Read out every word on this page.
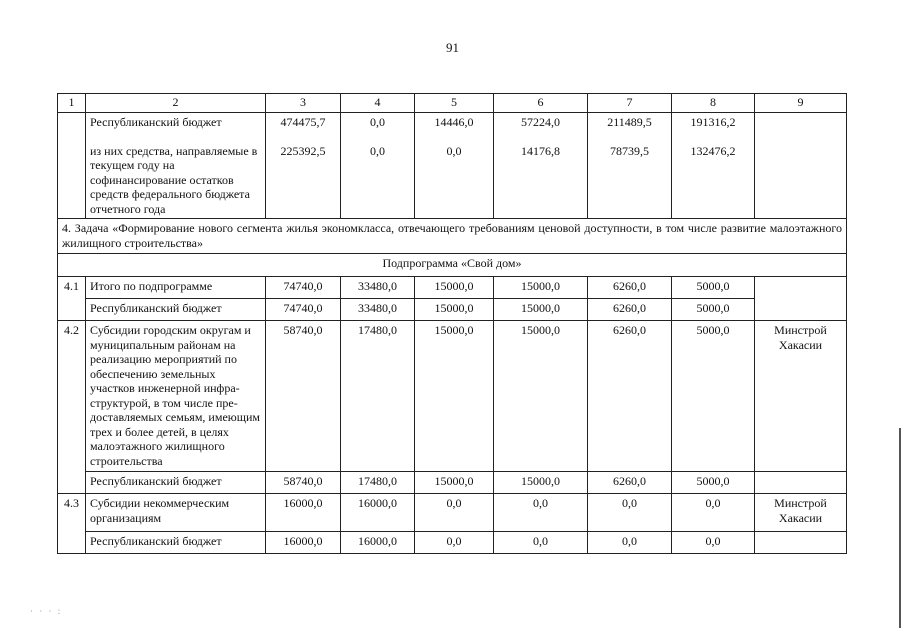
91
1	2	3	4	5	6	7	8	9
	Республиканский бюджет	474475,7	0,0	14446,0	57224,0	211489,5	191316,2	
	из них средства, направляемые в текущем году на софинансирование остатков средств федерального бюджета отчетного года	225392,5	0,0	0,0	14176,8	78739,5	132476,2	
4. Задача «Формирование нового сегмента жилья экономкласса, отвечающего требованиям ценовой доступности, в том числе развитие малоэтажного жилищного строительства»								
Подпрограмма «Свой дом»								
4.1	Итого по подпрограмме	74740,0	33480,0	15000,0	15000,0	6260,0	5000,0	
	Республиканский бюджет	74740,0	33480,0	15000,0	15000,0	6260,0	5000,0	
4.2	Субсидии городским округам и муниципальным районам на реализацию мероприятий по обеспечению земельных участков инженерной инфраструктурой, в том числе предоставляемых семьям, имеющим трех и более детей, в целях малоэтажного жилищного строительства	58740,0	17480,0	15000,0	15000,0	6260,0	5000,0	Минстрой Хакасии
	Республиканский бюджет	58740,0	17480,0	15000,0	15000,0	6260,0	5000,0	
4.3	Субсидии некоммерческим организациям	16000,0	16000,0	0,0	0,0	0,0	0,0	Минстрой Хакасии
	Республиканский бюджет	16000,0	16000,0	0,0	0,0	0,0	0,0	
· · · :
